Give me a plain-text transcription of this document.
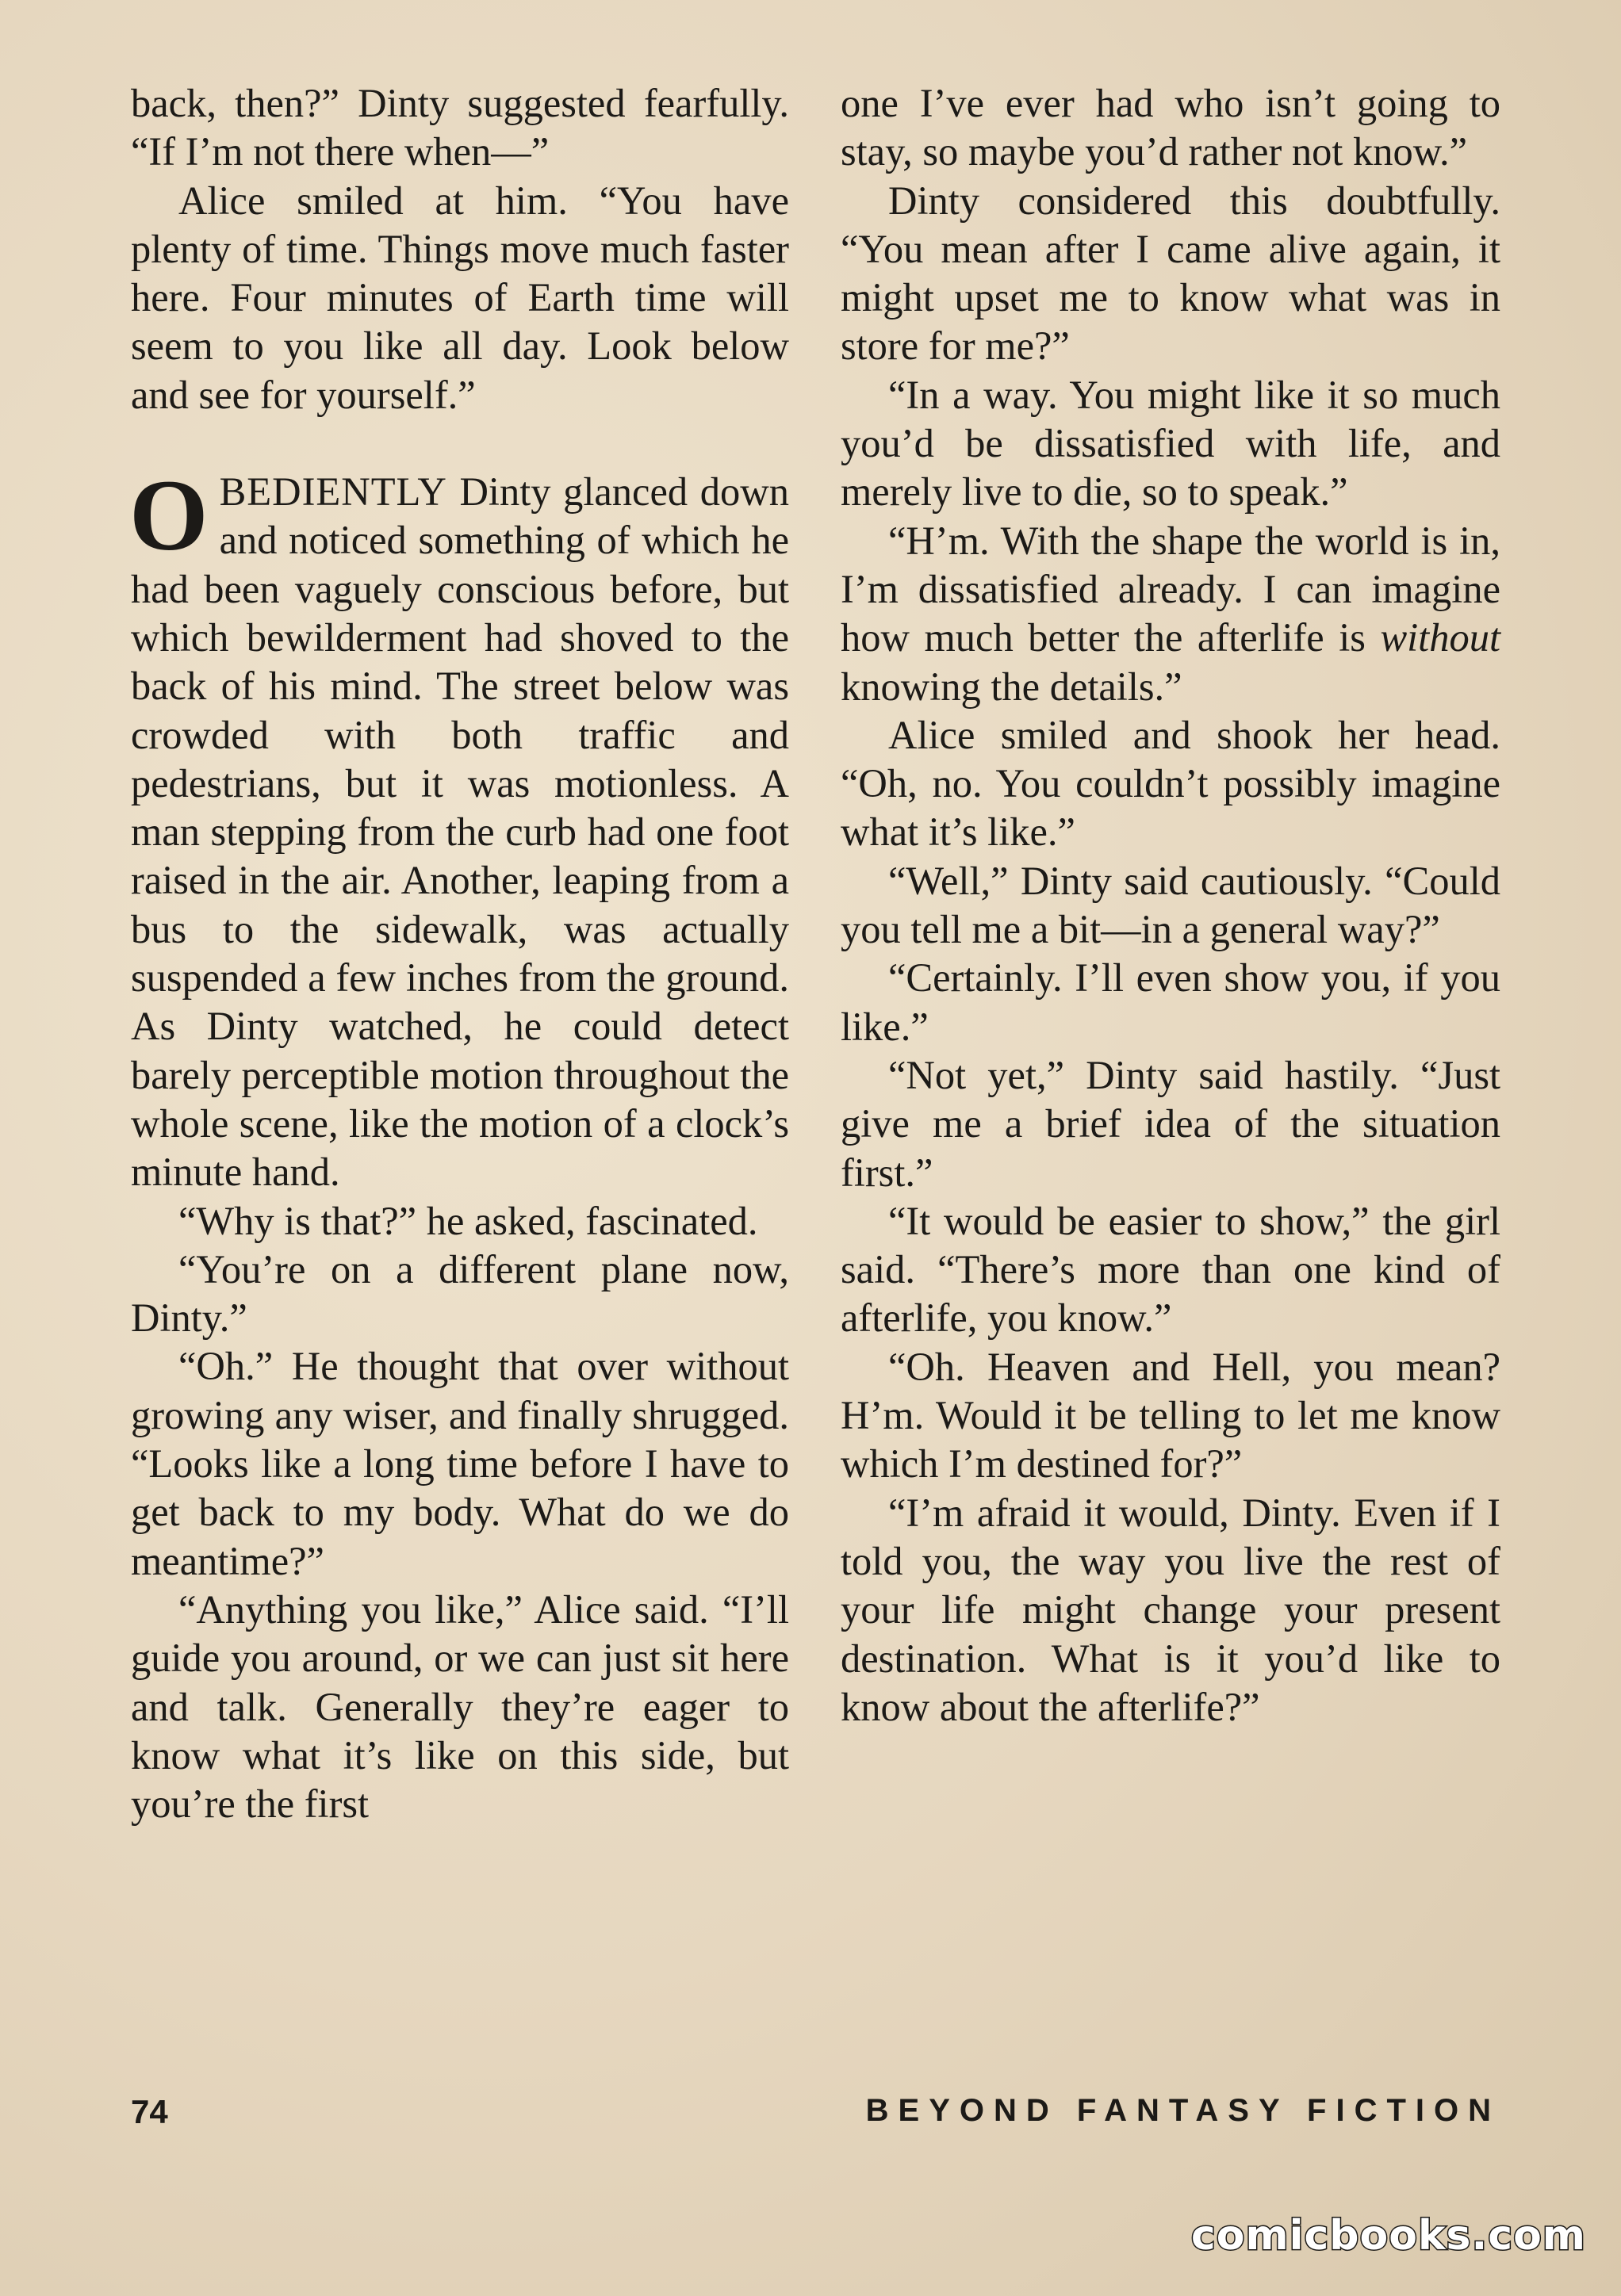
back, then?” Dinty suggested fearfully. “If I’m not there when—”

Alice smiled at him. “You have plenty of time. Things move much faster here. Four minutes of Earth time will seem to you like all day. Look below and see for yourself.”

OBEDIENTLY Dinty glanced down and noticed something of which he had been vaguely conscious before, but which bewilderment had shoved to the back of his mind. The street below was crowded with both traffic and pedestrians, but it was motionless. A man stepping from the curb had one foot raised in the air. Another, leaping from a bus to the sidewalk, was actually suspended a few inches from the ground. As Dinty watched, he could detect barely perceptible motion throughout the whole scene, like the motion of a clock’s minute hand.

“Why is that?” he asked, fascinated.

“You’re on a different plane now, Dinty.”

“Oh.” He thought that over without growing any wiser, and finally shrugged. “Looks like a long time before I have to get back to my body. What do we do meantime?”

“Anything you like,” Alice said. “I’ll guide you around, or we can just sit here and talk. Generally they’re eager to know what it’s like on this side, but you’re the first

one I’ve ever had who isn’t going to stay, so maybe you’d rather not know.”

Dinty considered this doubtfully. “You mean after I came alive again, it might upset me to know what was in store for me?”

“In a way. You might like it so much you’d be dissatisfied with life, and merely live to die, so to speak.”

“H’m. With the shape the world is in, I’m dissatisfied already. I can imagine how much better the afterlife is without knowing the details.”

Alice smiled and shook her head. “Oh, no. You couldn’t possibly imagine what it’s like.”

“Well,” Dinty said cautiously. “Could you tell me a bit—in a general way?”

“Certainly. I’ll even show you, if you like.”

“Not yet,” Dinty said hastily. “Just give me a brief idea of the situation first.”

“It would be easier to show,” the girl said. “There’s more than one kind of afterlife, you know.”

“Oh. Heaven and Hell, you mean? H’m. Would it be telling to let me know which I’m destined for?”

“I’m afraid it would, Dinty. Even if I told you, the way you live the rest of your life might change your present destination. What is it you’d like to know about the afterlife?”

74	BEYOND FANTASY FICTION
comicbooks.com
